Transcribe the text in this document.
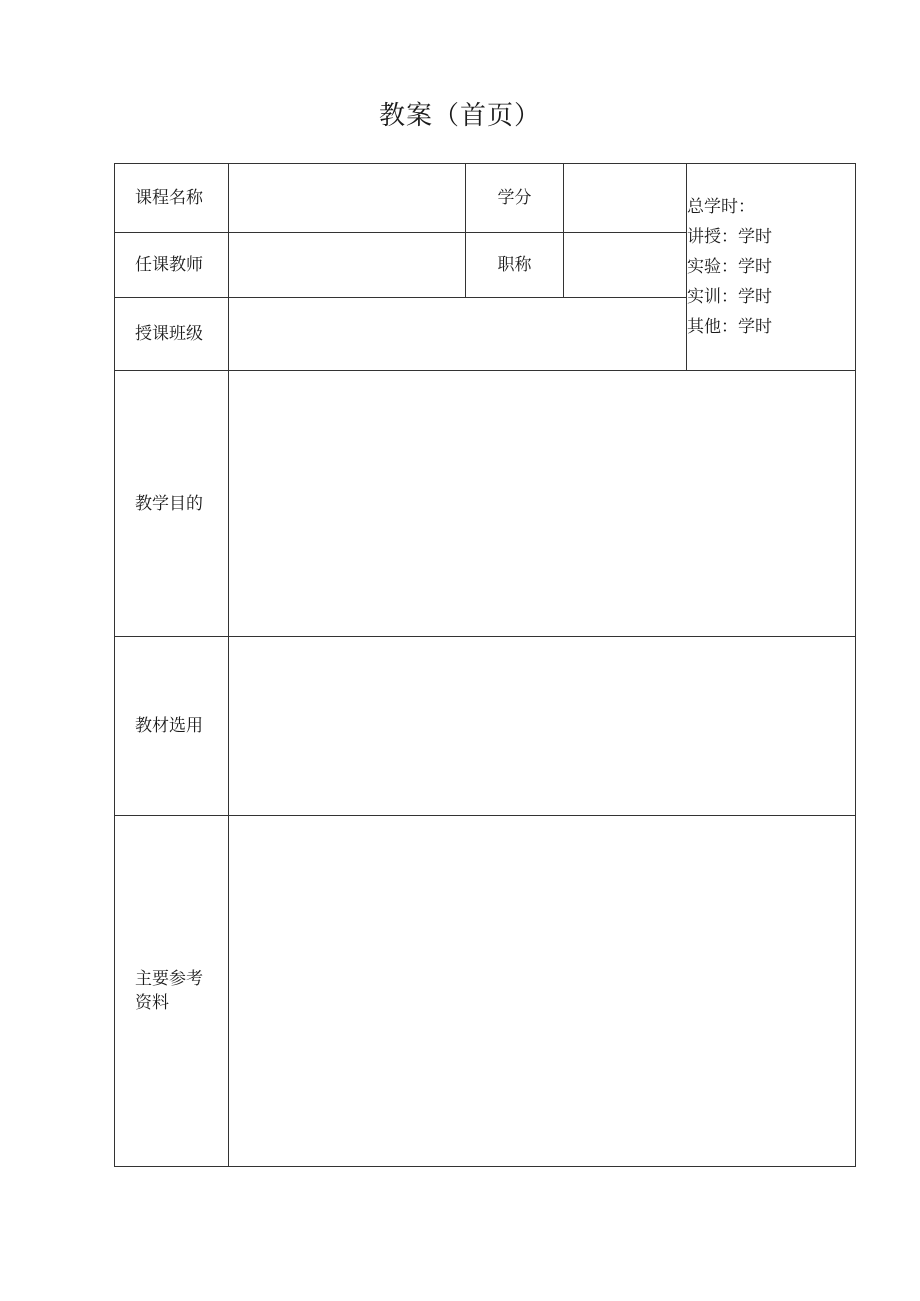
教案（首页）
课程名称	学分	总学时：
讲授：学时
实验：学时
实训：学时
其他：学时
任课教师	职称
授课班级
教学目的
教材选用
主要参考资料
